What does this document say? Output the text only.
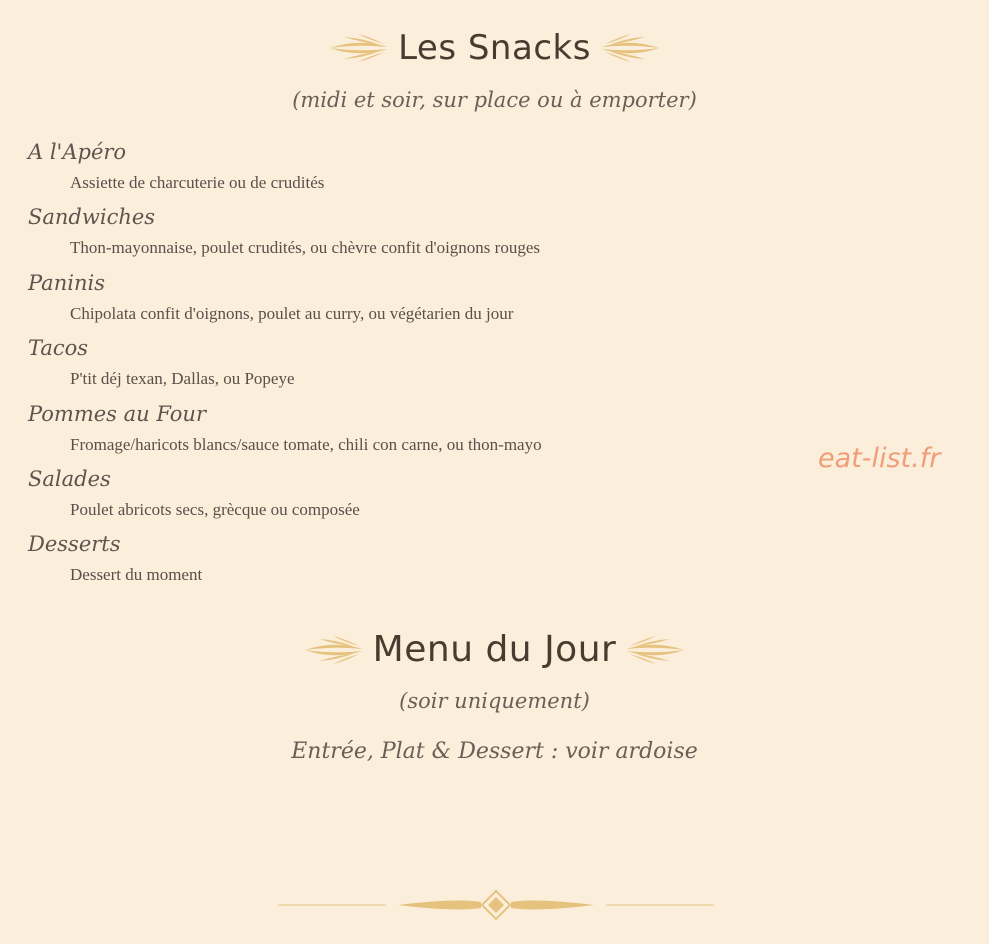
Les Snacks
(midi et soir, sur place ou à emporter)
A l'Apéro
Assiette de charcuterie ou de crudités
Sandwiches
Thon-mayonnaise, poulet crudités, ou chèvre confit d'oignons rouges
Paninis
Chipolata confit d'oignons, poulet au curry, ou végétarien du jour
Tacos
P'tit déj texan, Dallas, ou Popeye
Pommes au Four
Fromage/haricots blancs/sauce tomate, chili con carne, ou thon-mayo
Salades
Poulet abricots secs, grècque ou composée
Desserts
Dessert du moment
eat-list.fr
Menu du Jour
(soir uniquement)
Entrée, Plat & Dessert : voir ardoise
